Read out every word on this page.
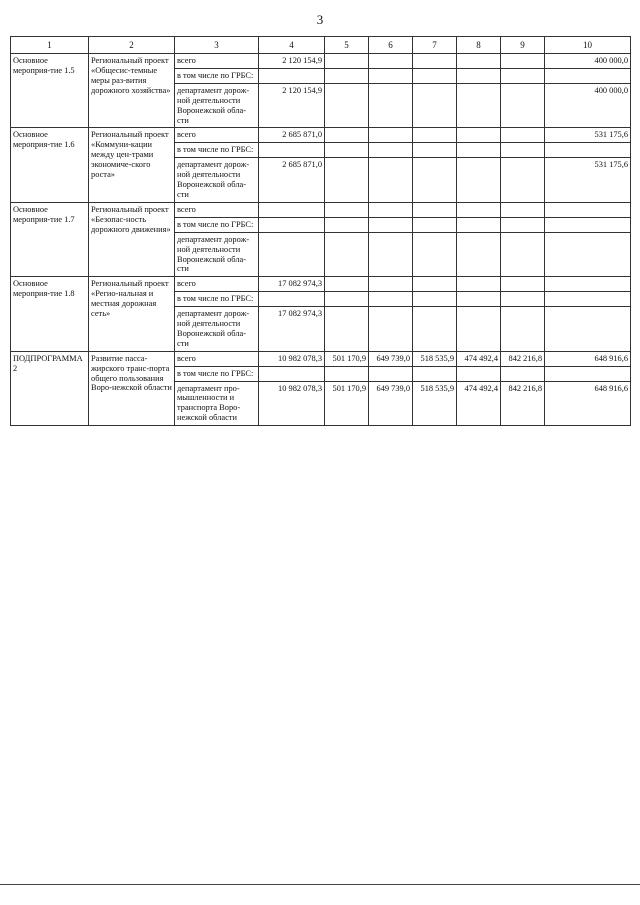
3
1	2	3	4	5	6	7	8	9	10
Основное мероприя-тие 1.5	Региональный проект «Общесис-темные меры раз-вития дорожного хозяйства»	всего	2 120 154,9						400 000,0
		в том числе по ГРБС:							
		департамент дорож-ной деятельности Воронежской обла-сти	2 120 154,9						400 000,0
Основное мероприя-тие 1.6	Региональный проект «Коммуни-кации между цен-трами экономиче-ского роста»	всего	2 685 871,0						531 175,6
		в том числе по ГРБС:							
		департамент дорож-ной деятельности Воронежской обла-сти	2 685 871,0						531 175,6
Основное мероприя-тие 1.7	Региональный проект «Безопас-ность дорожного движения»	всего							
		в том числе по ГРБС:							
		департамент дорож-ной деятельности Воронежской обла-сти							
Основное мероприя-тие 1.8	Региональный проект «Регио-нальная и местная дорожная сеть»	всего	17 082 974,3						
		в том числе по ГРБС:							
		департамент дорож-ной деятельности Воронежской обла-сти	17 082 974,3						
ПОДПРОГРАММА 2	Развитие пасса-жирского транс-порта общего пользования Воро-нежской области	всего	10 982 078,3	501 170,9	649 739,0	518 535,9	474 492,4	842 216,8	648 916,6
		в том числе по ГРБС:							
		департамент про-мышленности и транспорта Воро-нежской области	10 982 078,3	501 170,9	649 739,0	518 535,9	474 492,4	842 216,8	648 916,6
